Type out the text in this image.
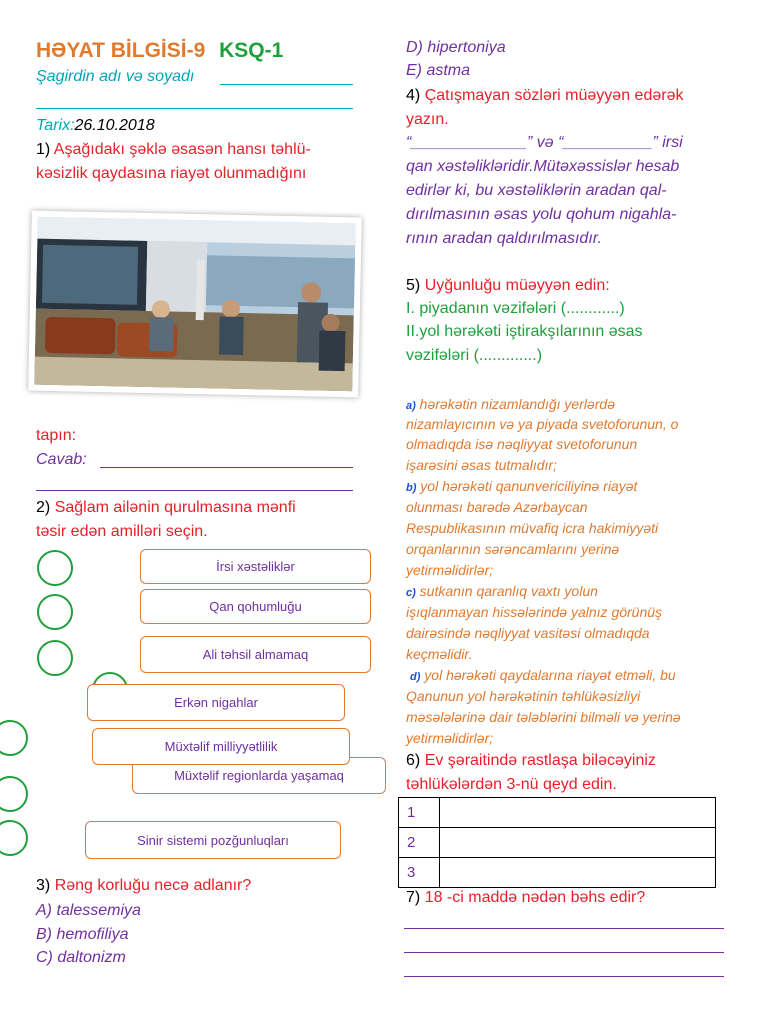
HƏYAT BİLGİSİ-9 KSQ-1
Şagirdin adı və soyadı
Tarix:26.10.2018
1) Aşağıdakı şəklə əsasən hansı təhlü-
kəsizlik qaydasına riayət olunmadığını
tapın:
Cavab:
2) Sağlam ailənin qurulmasına mənfi
təsir edən amilləri seçin.
İrsi xəstəliklər
Qan qohumluğu
Ali təhsil almamaq
Erkən nigahlar
Müxtəlif regionlarda yaşamaq
Müxtəlif milliyyətlilik
Sinir sistemi pozğunluqları
3) Rəng korluğu necə adlanır?
A) talessemiya
B) hemofiliya
C) daltonizm
D) hipertoniya
E) astma
4) Çatışmayan sözləri müəyyən edərək
yazın.
“_____________” və “__________” irsi
qan xəstəlikləridir.Mütəxəssislər hesab
edirlər ki, bu xəstəliklərin aradan qal-
dırılmasının əsas yolu qohum nigahla-
rının aradan qaldırılmasıdır.
5) Uyğunluğu müəyyən edin:
I. piyadanın vəzifələri (............)
II.yol hərəkəti iştirakşılarının əsas
vəzifələri (.............)
a) hərəkətin nizamlandığı yerlərdə
nizamlayıcının və ya piyada svetoforunun, o
olmadıqda isə nəqliyyat svetoforunun
işarəsini əsas tutmalıdır;
b) yol hərəkəti qanunvericiliyinə riayət
olunması barədə Azərbaycan
Respublikasının müvafiq icra hakimiyyəti
orqanlarının sərəncamlarını yerinə
yetirməlidirlər;
c) sutkanın qaranlıq vaxtı yolun
işıqlanmayan hissələrində yalnız görünüş
dairəsində nəqliyyat vasitəsi olmadıqda
keçməlidir.
d) yol hərəkəti qaydalarına riayət etməli, bu
Qanunun yol hərəkətinin təhlükəsizliyi
məsələlərinə dair tələblərini bilməli və yerinə
yetirməlidirlər;
6) Ev şəraitində rastlaşa biləcəyiniz
təhlükələrdən 3-nü qeyd edin.
1	
2	
3	
7) 18 -ci maddə nədən bəhs edir?
